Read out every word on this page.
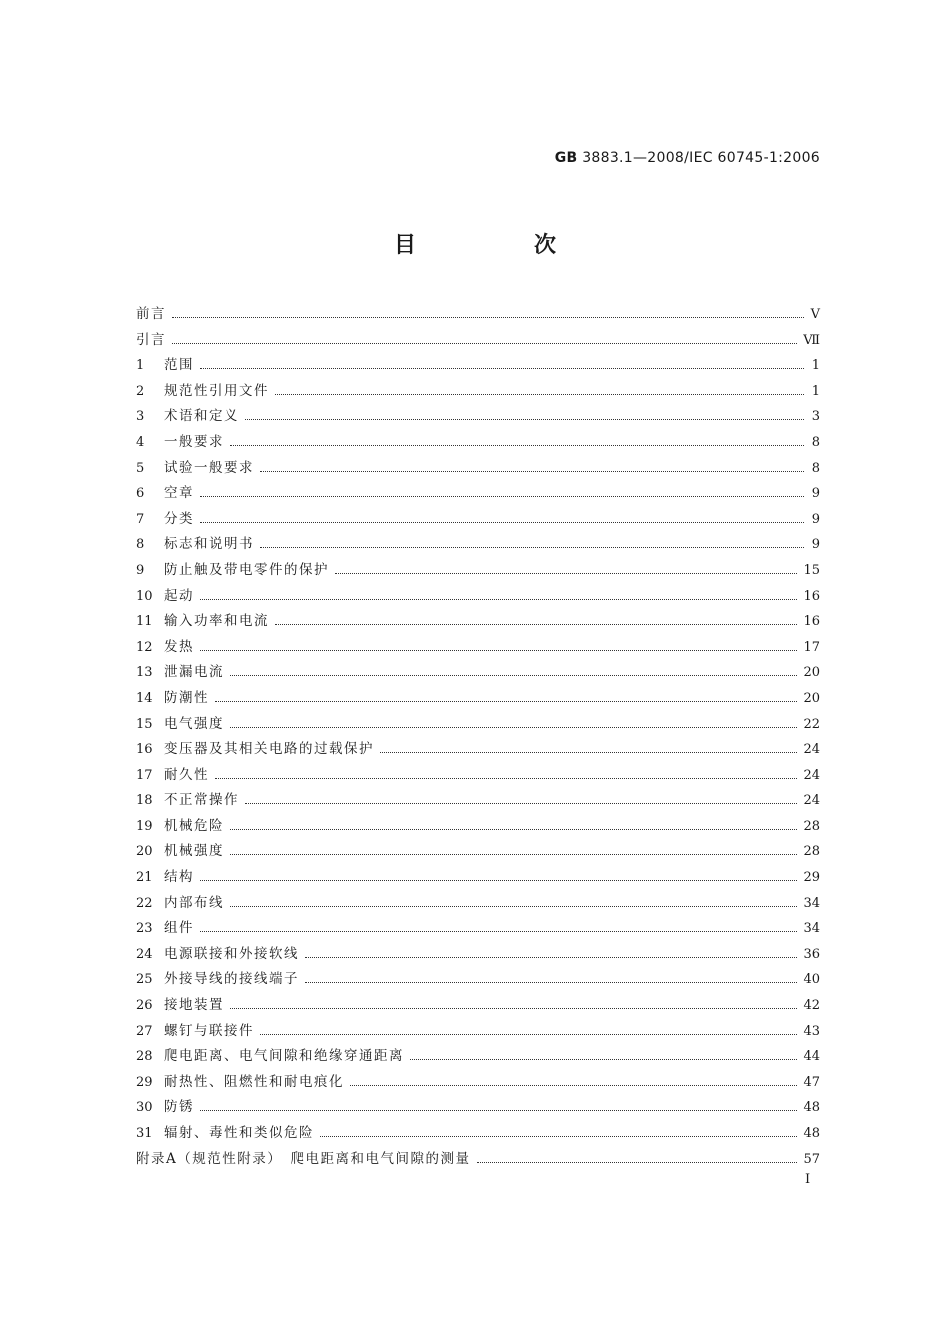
GB 3883.1—2008/IEC 60745-1:2006
目　次
前言	V
引言	Ⅶ
1	范围	1
2	规范性引用文件	1
3	术语和定义	3
4	一般要求	8
5	试验一般要求	8
6	空章	9
7	分类	9
8	标志和说明书	9
9	防止触及带电零件的保护	15
10 起动	16
11 输入功率和电流	16
12 发热	17
13 泄漏电流	20
14 防潮性	20
15 电气强度	22
16 变压器及其相关电路的过载保护	24
17 耐久性	24
18 不正常操作	24
19 机械危险	28
20 机械强度	28
21 结构	29
22 内部布线	34
23 组件	34
24 电源联接和外接软线	36
25 外接导线的接线端子	40
26 接地装置	42
27 螺钉与联接件	43
28 爬电距离、电气间隙和绝缘穿通距离	44
29 耐热性、阻燃性和耐电痕化	47
30 防锈	48
31 辐射、毒性和类似危险	48
附录A（规范性附录）　爬电距离和电气间隙的测量	57
I
